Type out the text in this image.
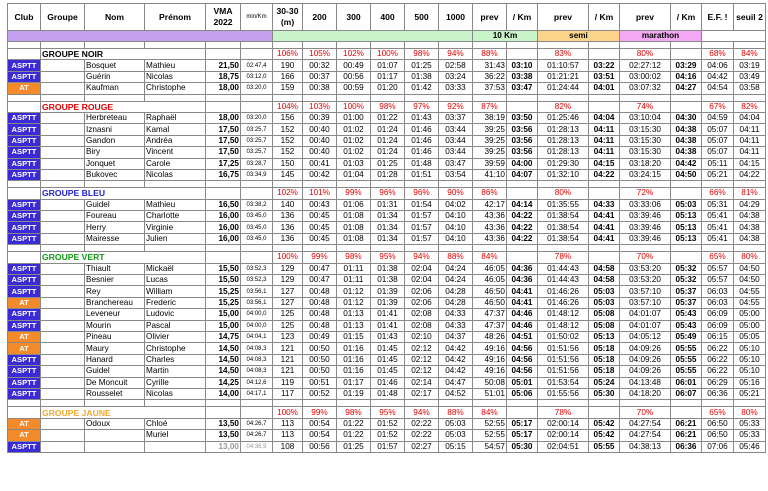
Club	Groupe	Nom	Prénom	VMA 2022	min/Km	30-30 (m)	200	300	400	500	1000	prev	/ Km	prev	/ Km	prev	/ Km	E.F. !	seuil 2
												10 Km		semi		marathon			

	GROUPE NOIR					106%	105%	102%	100%	98%	94%	88%		83%		80%		68%	84%
ASPTT		Bosquet	Mathieu	21,50	02:47,4	190	00:32	00:49	01:07	01:25	02:58	31:43	03:10	01:10:57	03:22	02:27:12	03:29	04:06	03:19
ASPTT		Guérin	Nicolas	18,75	03:12,0	166	00:37	00:56	01:17	01:38	03:24	36:22	03:38	01:21:21	03:51	03:00:02	04:16	04:42	03:49
AT		Kaufman	Christophe	18,00	03:20,0	159	00:38	00:59	01:20	01:42	03:33	37:53	03:47	01:24:44	04:01	03:07:32	04:27	04:54	03:58

	GROUPE ROUGE					104%	103%	100%	98%	97%	92%	87%		82%		74%		67%	82%
ASPTT		Herbreteau	Raphaël	18,00	03:20,0	156	00:39	01:00	01:22	01:43	03:37	38:19	03:50	01:25:46	04:04	03:10:04	04:30	04:59	04:04
ASPTT		Iznasni	Kamal	17,50	03:25,7	152	00:40	01:02	01:24	01:46	03:44	39:25	03:56	01:28:13	04:11	03:15:30	04:38	05:07	04:11
ASPTT		Gandon	Andréa	17,50	03:25,7	152	00:40	01:02	01:24	01:46	03:44	39:25	03:56	01:28:13	04:11	03:15:30	04:38	05:07	04:11
ASPTT		Biry	Vincent	17,50	03:25,7	152	00:40	01:02	01:24	01:46	03:44	39:25	03:56	01:28:13	04:11	03:15:30	04:38	05:07	04:11
ASPTT		Jonquet	Carole	17,25	03:28,7	150	00:41	01:03	01:25	01:48	03:47	39:59	04:00	01:29:30	04:15	03:18:20	04:42	05:11	04:15
ASPTT		Bukovec	Nicolas	16,75	03:34,9	145	00:42	01:04	01:28	01:51	03:54	41:10	04:07	01:32:10	04:22	03:24:15	04:50	05:21	04:22

	GROUPE BLEU					102%	101%	99%	96%	96%	90%	86%		80%		72%		66%	81%
ASPTT		Guidel	Mathieu	16,50	03:38,2	140	00:43	01:06	01:31	01:54	04:02	42:17	04:14	01:35:55	04:33	03:33:06	05:03	05:31	04:29
ASPTT		Foureau	Charlotte	16,00	03:45,0	136	00:45	01:08	01:34	01:57	04:10	43:36	04:22	01:38:54	04:41	03:39:46	05:13	05:41	04:38
ASPTT		Herry	Virginie	16,00	03:45,0	136	00:45	01:08	01:34	01:57	04:10	43:36	04:22	01:38:54	04:41	03:39:46	05:13	05:41	04:38
ASPTT		Mairesse	Julien	16,00	03:45,0	136	00:45	01:08	01:34	01:57	04:10	43:36	04:22	01:38:54	04:41	03:39:46	05:13	05:41	04:38

	GROUPE VERT					100%	99%	98%	95%	94%	88%	84%		78%		70%		65%	80%
ASPTT		Thiault	Mickaël	15,50	03:52,3	129	00:47	01:11	01:38	02:04	04:24	46:05	04:36	01:44:43	04:58	03:53:20	05:32	05:57	04:50
ASPTT		Besnier	Lucas	15,50	03:52,3	129	00:47	01:11	01:38	02:04	04:24	46:05	04:36	01:44:43	04:58	03:53:20	05:32	05:57	04:50
ASPTT		Rey	William	15,25	03:56,1	127	00:48	01:12	01:39	02:06	04:28	46:50	04:41	01:46:26	05:03	03:57:10	05:37	06:03	04:55
AT		Branchereau	Frederic	15,25	03:56,1	127	00:48	01:12	01:39	02:06	04:28	46:50	04:41	01:46:26	05:03	03:57:10	05:37	06:03	04:55
ASPTT		Leveneur	Ludovic	15,00	04:00,0	125	00:48	01:13	01:41	02:08	04:33	47:37	04:46	01:48:12	05:08	04:01:07	05:43	06:09	05:00
ASPTT		Mourin	Pascal	15,00	04:00,0	125	00:48	01:13	01:41	02:08	04:33	47:37	04:46	01:48:12	05:08	04:01:07	05:43	06:09	05:00
AT		Pineau	Olivier	14,75	04:04,1	123	00:49	01:15	01:43	02:10	04:37	48:26	04:51	01:50:02	05:13	04:05:12	05:49	06:15	05:05
AT		Maury	Christophe	14,50	04:08,3	121	00:50	01:16	01:45	02:12	04:42	49:16	04:56	01:51:56	05:18	04:09:26	05:55	06:22	05:10
ASPTT		Hanard	Charles	14,50	04:08,3	121	00:50	01:16	01:45	02:12	04:42	49:16	04:56	01:51:56	05:18	04:09:26	05:55	06:22	05:10
ASPTT		Guidel	Martin	14,50	04:08,3	121	00:50	01:16	01:45	02:12	04:42	49:16	04:56	01:51:56	05:18	04:09:26	05:55	06:22	05:10
ASPTT		De Moncuit	Cyrille	14,25	04:12,6	119	00:51	01:17	01:46	02:14	04:47	50:08	05:01	01:53:54	05:24	04:13:48	06:01	06:29	05:16
ASPTT		Rousselet	Nicolas	14,00	04:17,1	117	00:52	01:19	01:48	02:17	04:52	51:01	05:06	01:55:56	05:30	04:18:20	06:07	06:36	05:21

	GROUPE JAUNE					100%	99%	98%	95%	94%	88%	84%		78%		70%		65%	80%
AT		Odoux	Chloé	13,50	04:26,7	113	00:54	01:22	01:52	02:22	05:03	52:55	05:17	02:00:14	05:42	04:27:54	06:21	06:50	05:33
AT			Muriel	13,50	04:26,7	113	00:54	01:22	01:52	02:22	05:03	52:55	05:17	02:00:14	05:42	04:27:54	06:21	06:50	05:33
ASPTT				13,00	04:36,9	108	00:56	01:25	01:57	02:27	05:15	54:57	05:30	02:04:51	05:55	04:38:13	06:36	07:06	05:46
